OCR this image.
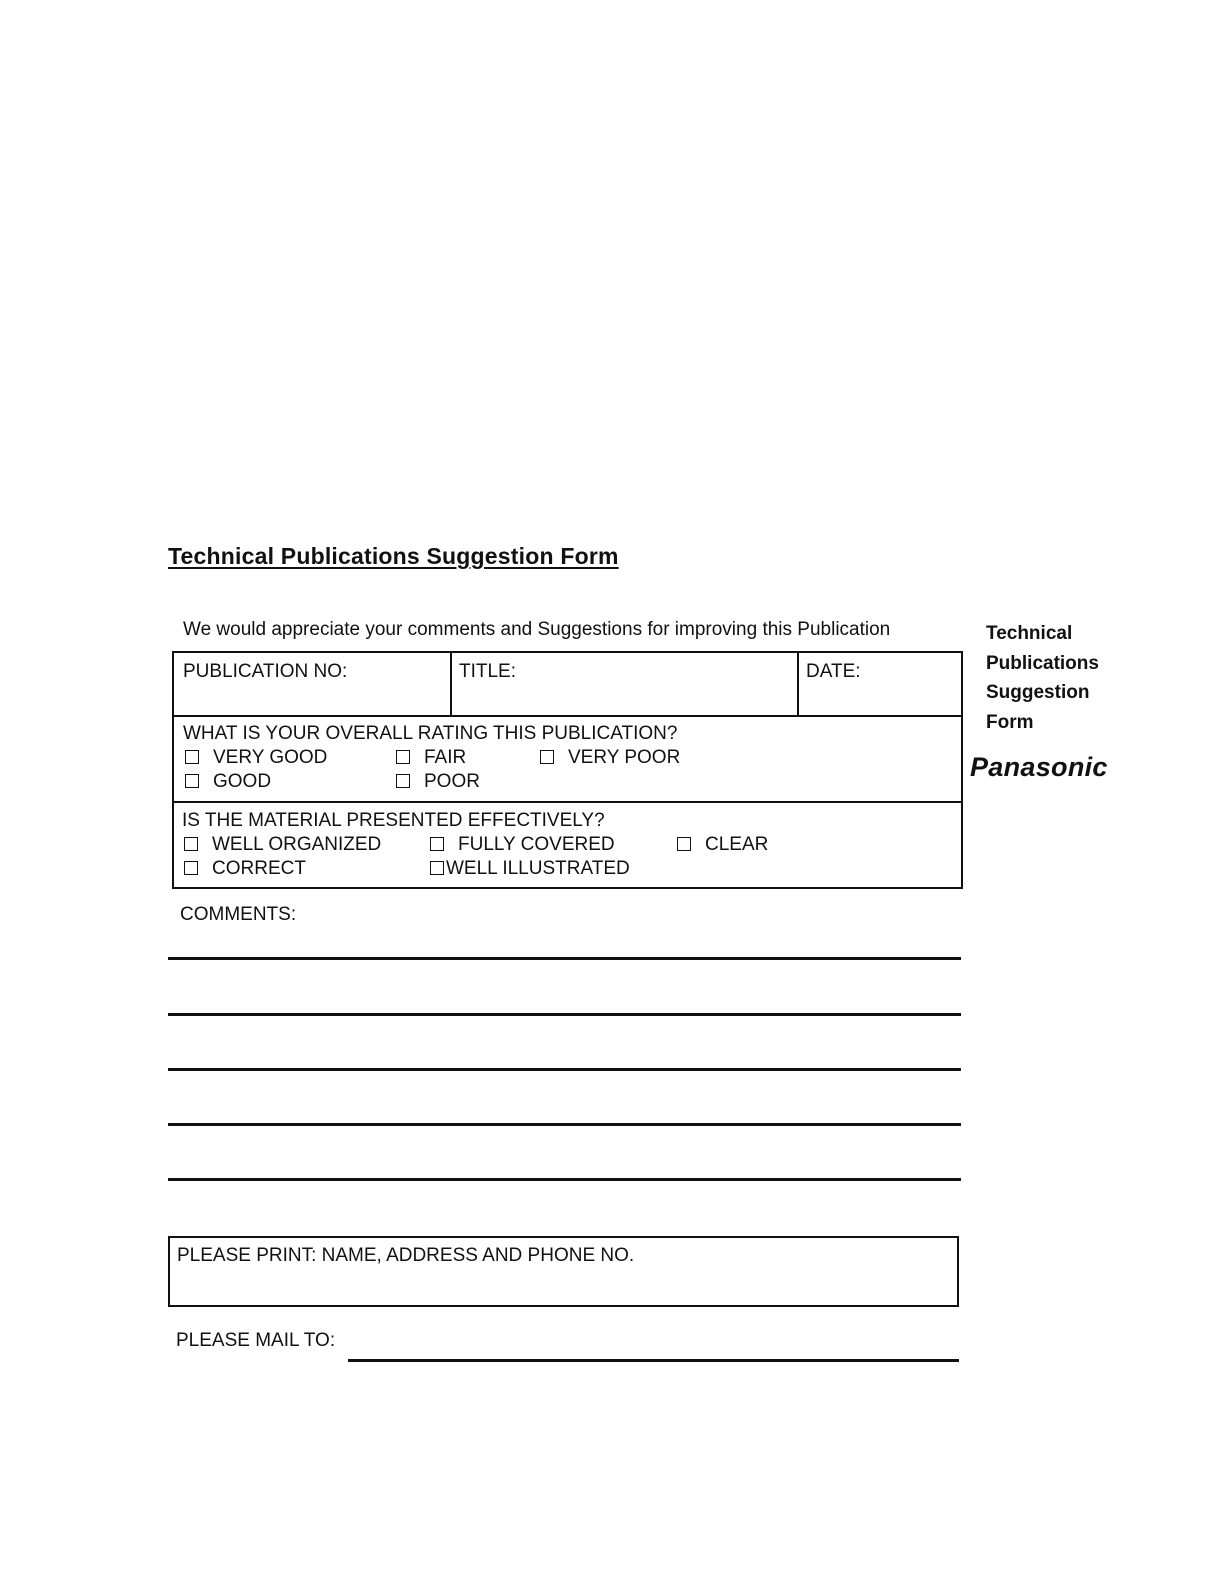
Technical Publications Suggestion Form
We would appreciate your comments and Suggestions for improving this Publication	Technical
Publications
Suggestion
Form
Panasonic
PUBLICATION NO:	TITLE:	DATE:
WHAT IS YOUR OVERALL RATING THIS PUBLICATION?
VERY GOOD	FAIR	VERY POOR
GOOD	POOR
IS THE MATERIAL PRESENTED EFFECTIVELY?
WELL ORGANIZED	FULLY COVERED	CLEAR
CORRECT	WELL ILLUSTRATED
COMMENTS:
PLEASE PRINT: NAME, ADDRESS AND PHONE NO.
PLEASE MAIL TO:
